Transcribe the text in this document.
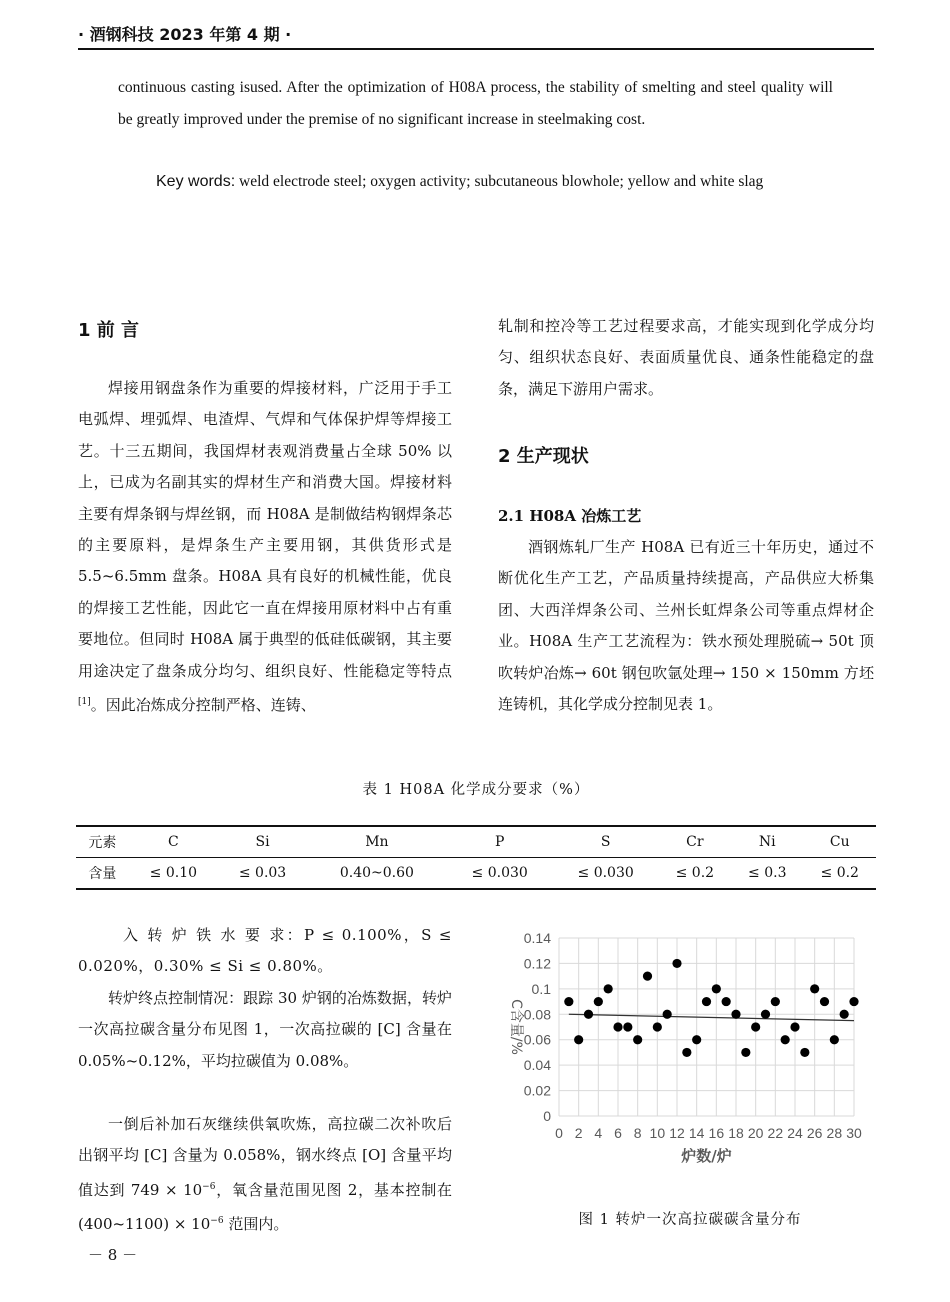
· 酒钢科技 2023 年第 4 期 ·

continuous casting isused. After the optimization of H08A process, the stability of smelting and steel quality will be greatly improved under the premise of no significant increase in steelmaking cost.

Key words: weld electrode steel; oxygen activity; subcutaneous blowhole; yellow and white slag

1 前 言

焊接用钢盘条作为重要的焊接材料，广泛用于手工电弧焊、埋弧焊、电渣焊、气焊和气体保护焊等焊接工艺。十三五期间，我国焊材表观消费量占全球 50% 以上，已成为名副其实的焊材生产和消费大国。焊接材料主要有焊条钢与焊丝钢，而 H08A 是制做结构钢焊条芯的主要原料，是焊条生产主要用钢，其供货形式是 5.5~6.5mm 盘条。H08A 具有良好的机械性能，优良的焊接工艺性能，因此它一直在焊接用原材料中占有重要地位。但同时 H08A 属于典型的低硅低碳钢，其主要用途决定了盘条成分均匀、组织良好、性能稳定等特点[1]。因此冶炼成分控制严格、连铸、

轧制和控冷等工艺过程要求高，才能实现到化学成分均匀、组织状态良好、表面质量优良、通条性能稳定的盘条，满足下游用户需求。

2 生产现状
2.1 H08A 冶炼工艺

酒钢炼轧厂生产 H08A 已有近三十年历史，通过不断优化生产工艺，产品质量持续提高，产品供应大桥集团、大西洋焊条公司、兰州长虹焊条公司等重点焊材企业。H08A 生产工艺流程为：铁水预处理脱硫→ 50t 顶吹转炉冶炼→ 60t 钢包吹氩处理→ 150 × 150mm 方坯连铸机，其化学成分控制见表 1。

表 1 H08A 化学成分要求（%）
元素	C	Si	Mn	P	S	Cr	Ni	Cu
含量	≤ 0.10	≤ 0.03	0.40~0.60	≤ 0.030	≤ 0.030	≤ 0.2	≤ 0.3	≤ 0.2

入 转 炉 铁 水 要 求：P ≤ 0.100%，S ≤ 0.020%，0.30% ≤ Si ≤ 0.80%。

转炉终点控制情况：跟踪 30 炉钢的冶炼数据，转炉一次高拉碳含量分布见图 1，一次高拉碳的 [C] 含量在 0.05%~0.12%，平均拉碳值为 0.08%。

一倒后补加石灰继续供氧吹炼，高拉碳二次补吹后出钢平均 [C] 含量为 0.058%，钢水终点 [O] 含量平均值达到 $749 \times 10^{-6}$，氧含量范围见图 2，基本控制在 (400~1100) × $10^{-6}$ 范围内。

0
0.02
0.04
0.06
0.08
0.1
0.12
0.14
0 2 4 6 8 10 12 14 16 18 20 22 24 26 28 30
炉数/炉
C含量/%
图 1 转炉一次高拉碳碳含量分布
－ 8 －
